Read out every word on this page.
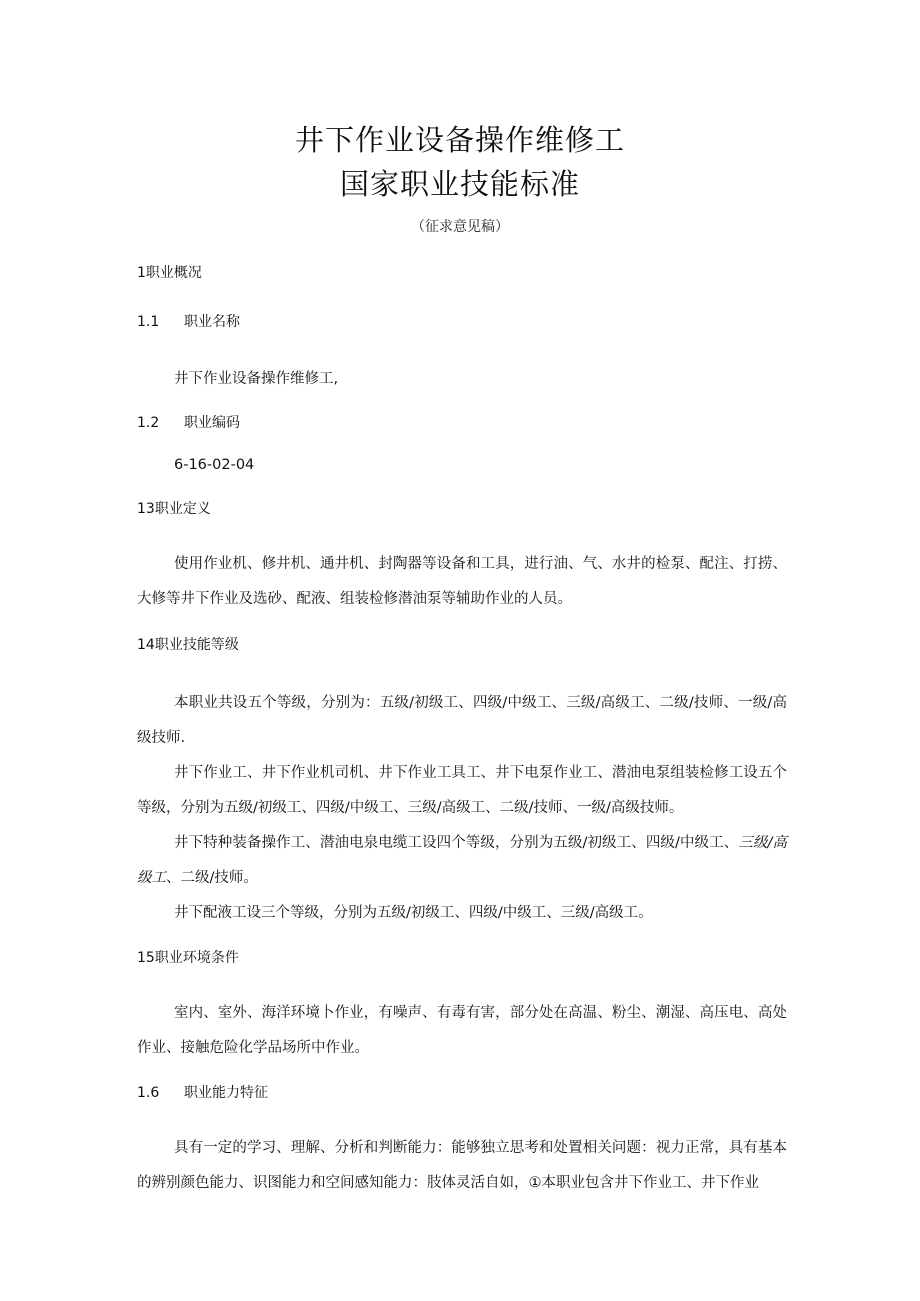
井下作业设备操作维修工
国家职业技能标准
（征求意见稿）
1职业概况
1.1 职业名称
井下作业设备操作维修工,
1.2 职业编码
6-16-02-04
13职业定义
使用作业机、修井机、通井机、封陶器等设备和工具，进行油、气、水井的检泵、配注、打捞、大修等井下作业及选砂、配液、组装检修潜油泵等辅助作业的人员。
14职业技能等级
本职业共设五个等级，分别为：五级/初级工、四级/中级工、三级/高级工、二级/技师、一级/高级技师.
井下作业工、井下作业机司机、井下作业工具工、井下电泵作业工、潜油电泵组装检修工设五个等级，分别为五级/初级工、四级/中级工、三级/高级工、二级/技师、一级/高级技师。
井下特种装备操作工、潜油电泉电缆工设四个等级，分别为五级/初级工、四级/中级工、三级/高级工、二级/技师。
井下配液工设三个等级，分别为五级/初级工、四级/中级工、三级/高级工。
15职业环境条件
室内、室外、海洋环境卜作业，有噪声、有毒有害，部分处在高温、粉尘、潮湿、高压电、高处作业、接触危险化学品场所中作业。
1.6 职业能力特征
具有一定的学习、理解、分析和判断能力：能够独立思考和处置相关问题：视力正常，具有基本的辨别颜色能力、识图能力和空间感知能力：肢体灵活自如，①本职业包含井下作业工、井下作业
